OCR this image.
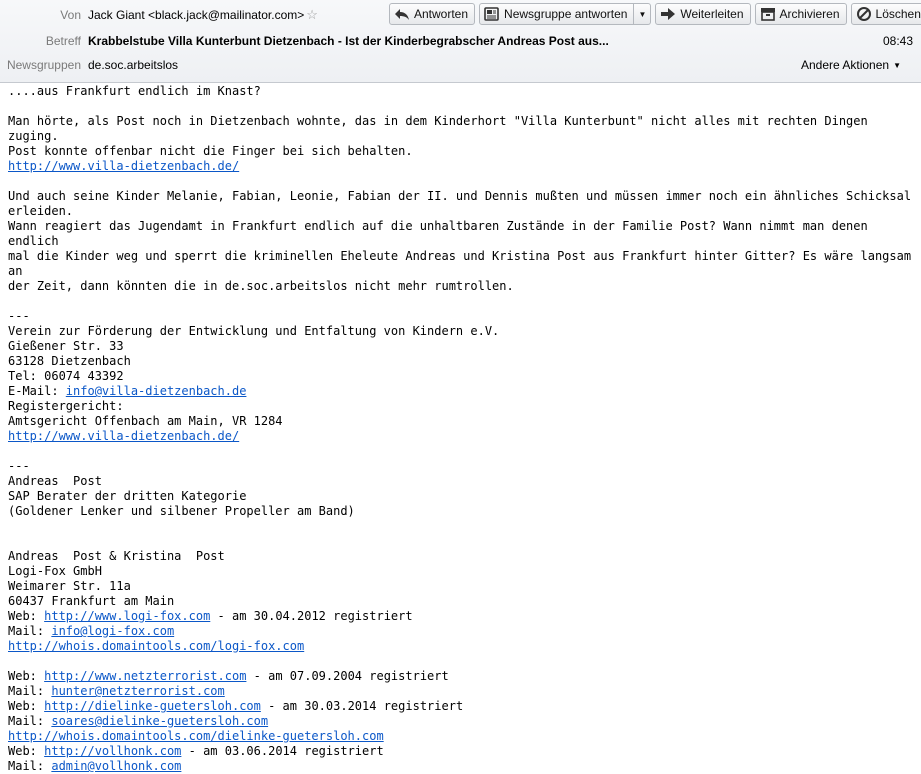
Von Jack Giant <black.jack@mailinator.com> ☆	Antworten	Newsgruppe antworten ▼	Weiterleiten	Archivieren	Löschen
Betreff Krabbelstube Villa Kunterbunt Dietzenbach - Ist der Kinderbegrabscher Andreas Post aus...	08:43
Newsgruppen de.soc.arbeitslos	Andere Aktionen ▼
....aus Frankfurt endlich im Knast?
Man hörte, als Post noch in Dietzenbach wohnte, das in dem Kinderhort "Villa Kunterbunt" nicht alles mit rechten Dingen zuging.
Post konnte offenbar nicht die Finger bei sich behalten.
http://www.villa-dietzenbach.de/
Und auch seine Kinder Melanie, Fabian, Leonie, Fabian der II. und Dennis mußten und müssen immer noch ein ähnliches Schicksal
erleiden.
Wann reagiert das Jugendamt in Frankfurt endlich auf die unhaltbaren Zustände in der Familie Post? Wann nimmt man denen endlich
mal die Kinder weg und sperrt die kriminellen Eheleute Andreas und Kristina Post aus Frankfurt hinter Gitter? Es wäre langsam an
der Zeit, dann könnten die in de.soc.arbeitslos nicht mehr rumtrollen.
---
Verein zur Förderung der Entwicklung und Entfaltung von Kindern e.V.
Gießener Str. 33
63128 Dietzenbach
Tel: 06074 43392
E-Mail: info@villa-dietzenbach.de
Registergericht:
Amtsgericht Offenbach am Main, VR 1284
http://www.villa-dietzenbach.de/
---
Andreas  Post
SAP Berater der dritten Kategorie
(Goldener Lenker und silbener Propeller am Band)
Andreas  Post & Kristina  Post
Logi-Fox GmbH
Weimarer Str. 11a
60437 Frankfurt am Main
Web: http://www.logi-fox.com - am 30.04.2012 registriert
Mail: info@logi-fox.com
http://whois.domaintools.com/logi-fox.com
Web: http://www.netzterrorist.com - am 07.09.2004 registriert
Mail: hunter@netzterrorist.com
Web: http://dielinke-guetersloh.com - am 30.03.2014 registriert
Mail: soares@dielinke-guetersloh.com
http://whois.domaintools.com/dielinke-guetersloh.com
Web: http://vollhonk.com - am 03.06.2014 registriert
Mail: admin@vollhonk.com
